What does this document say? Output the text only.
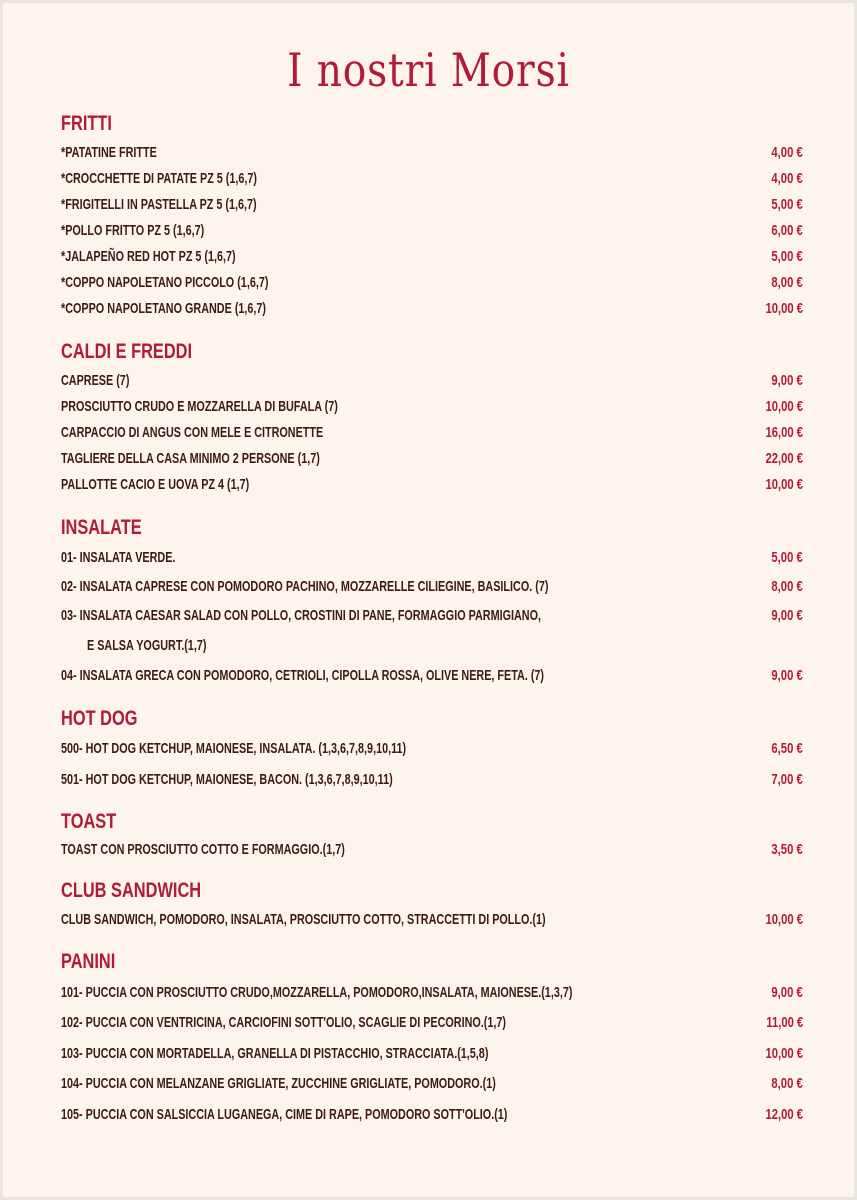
I nostri Morsi
FRITTI
*PATATINE FRITTE	4,00 €
*CROCCHETTE DI PATATE PZ 5 (1,6,7)	4,00 €
*FRIGITELLI IN PASTELLA PZ 5 (1,6,7)	5,00 €
*POLLO FRITTO PZ 5 (1,6,7)	6,00 €
*JALAPEÑO RED HOT PZ 5 (1,6,7)	5,00 €
*COPPO NAPOLETANO PICCOLO (1,6,7)	8,00 €
*COPPO NAPOLETANO GRANDE (1,6,7)	10,00 €
CALDI E FREDDI
CAPRESE (7)	9,00 €
PROSCIUTTO CRUDO E MOZZARELLA DI BUFALA (7)	10,00 €
CARPACCIO DI ANGUS CON MELE E CITRONETTE	16,00 €
TAGLIERE DELLA CASA MINIMO 2 PERSONE (1,7)	22,00 €
PALLOTTE CACIO E UOVA PZ 4 (1,7)	10,00 €
INSALATE
01- INSALATA VERDE.	5,00 €
02- INSALATA CAPRESE CON POMODORO PACHINO, MOZZARELLE CILIEGINE, BASILICO. (7)	8,00 €
03- INSALATA CAESAR SALAD CON POLLO, CROSTINI DI PANE, FORMAGGIO PARMIGIANO,
E SALSA YOGURT.(1,7)
9,00 €
04- INSALATA GRECA CON POMODORO, CETRIOLI, CIPOLLA ROSSA, OLIVE NERE, FETA. (7)	9,00 €
HOT DOG
500- HOT DOG KETCHUP, MAIONESE, INSALATA. (1,3,6,7,8,9,10,11)	6,50 €
501- HOT DOG KETCHUP, MAIONESE, BACON. (1,3,6,7,8,9,10,11)	7,00 €
TOAST
TOAST CON PROSCIUTTO COTTO E FORMAGGIO.(1,7)	3,50 €
CLUB SANDWICH
CLUB SANDWICH, POMODORO, INSALATA, PROSCIUTTO COTTO, STRACCETTI DI POLLO.(1)	10,00 €
PANINI
101- PUCCIA CON PROSCIUTTO CRUDO,MOZZARELLA, POMODORO,INSALATA, MAIONESE.(1,3,7)	9,00 €
102- PUCCIA CON VENTRICINA, CARCIOFINI SOTT'OLIO, SCAGLIE DI PECORINO.(1,7)	11,00 €
103- PUCCIA CON MORTADELLA, GRANELLA DI PISTACCHIO, STRACCIATA.(1,5,8)	10,00 €
104- PUCCIA CON MELANZANE GRIGLIATE, ZUCCHINE GRIGLIATE, POMODORO.(1)	8,00 €
105- PUCCIA CON SALSICCIA LUGANEGA, CIME DI RAPE, POMODORO SOTT'OLIO.(1)	12,00 €
